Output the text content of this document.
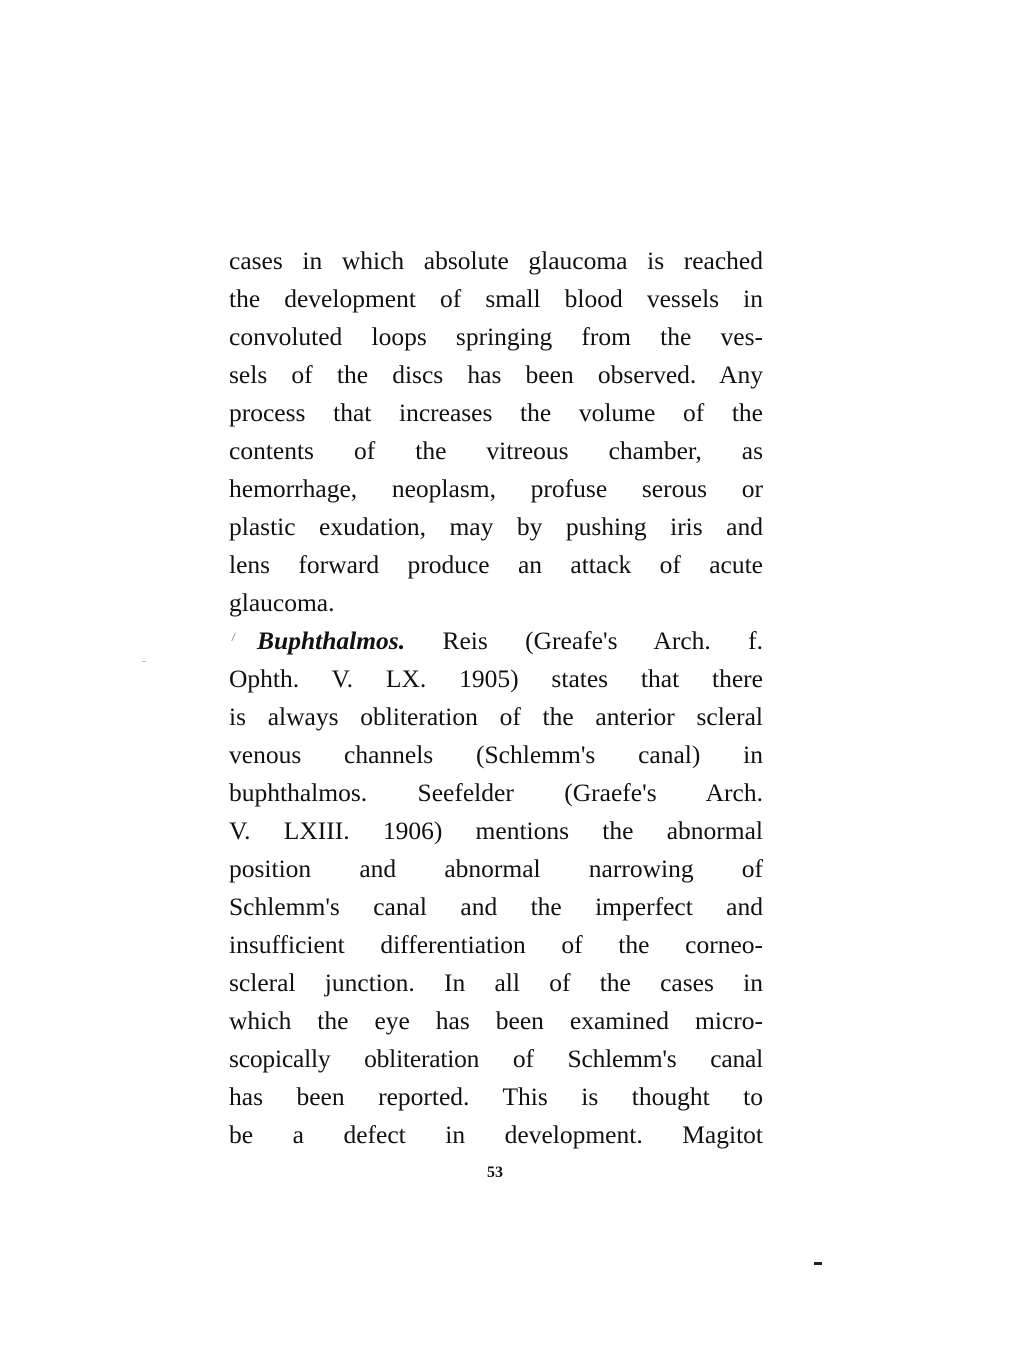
cases in which absolute glaucoma is reached
the development of small blood vessels in
convoluted loops springing from the ves-
sels of the discs has been observed. Any
process that increases the volume of the
contents of the vitreous chamber, as
hemorrhage, neoplasm, profuse serous or
plastic exudation, may by pushing iris and
lens forward produce an attack of acute
glaucoma.
Buphthalmos. Reis (Greafe's Arch. f.
Ophth. V. LX. 1905) states that there
is always obliteration of the anterior scleral
venous channels (Schlemm's canal) in
buphthalmos. Seefelder (Graefe's Arch.
V. LXIII. 1906) mentions the abnormal
position and abnormal narrowing of
Schlemm's canal and the imperfect and
insufficient differentiation of the corneo-
scleral junction. In all of the cases in
which the eye has been examined micro-
scopically obliteration of Schlemm's canal
has been reported. This is thought to
be a defect in development. Magitot
53
